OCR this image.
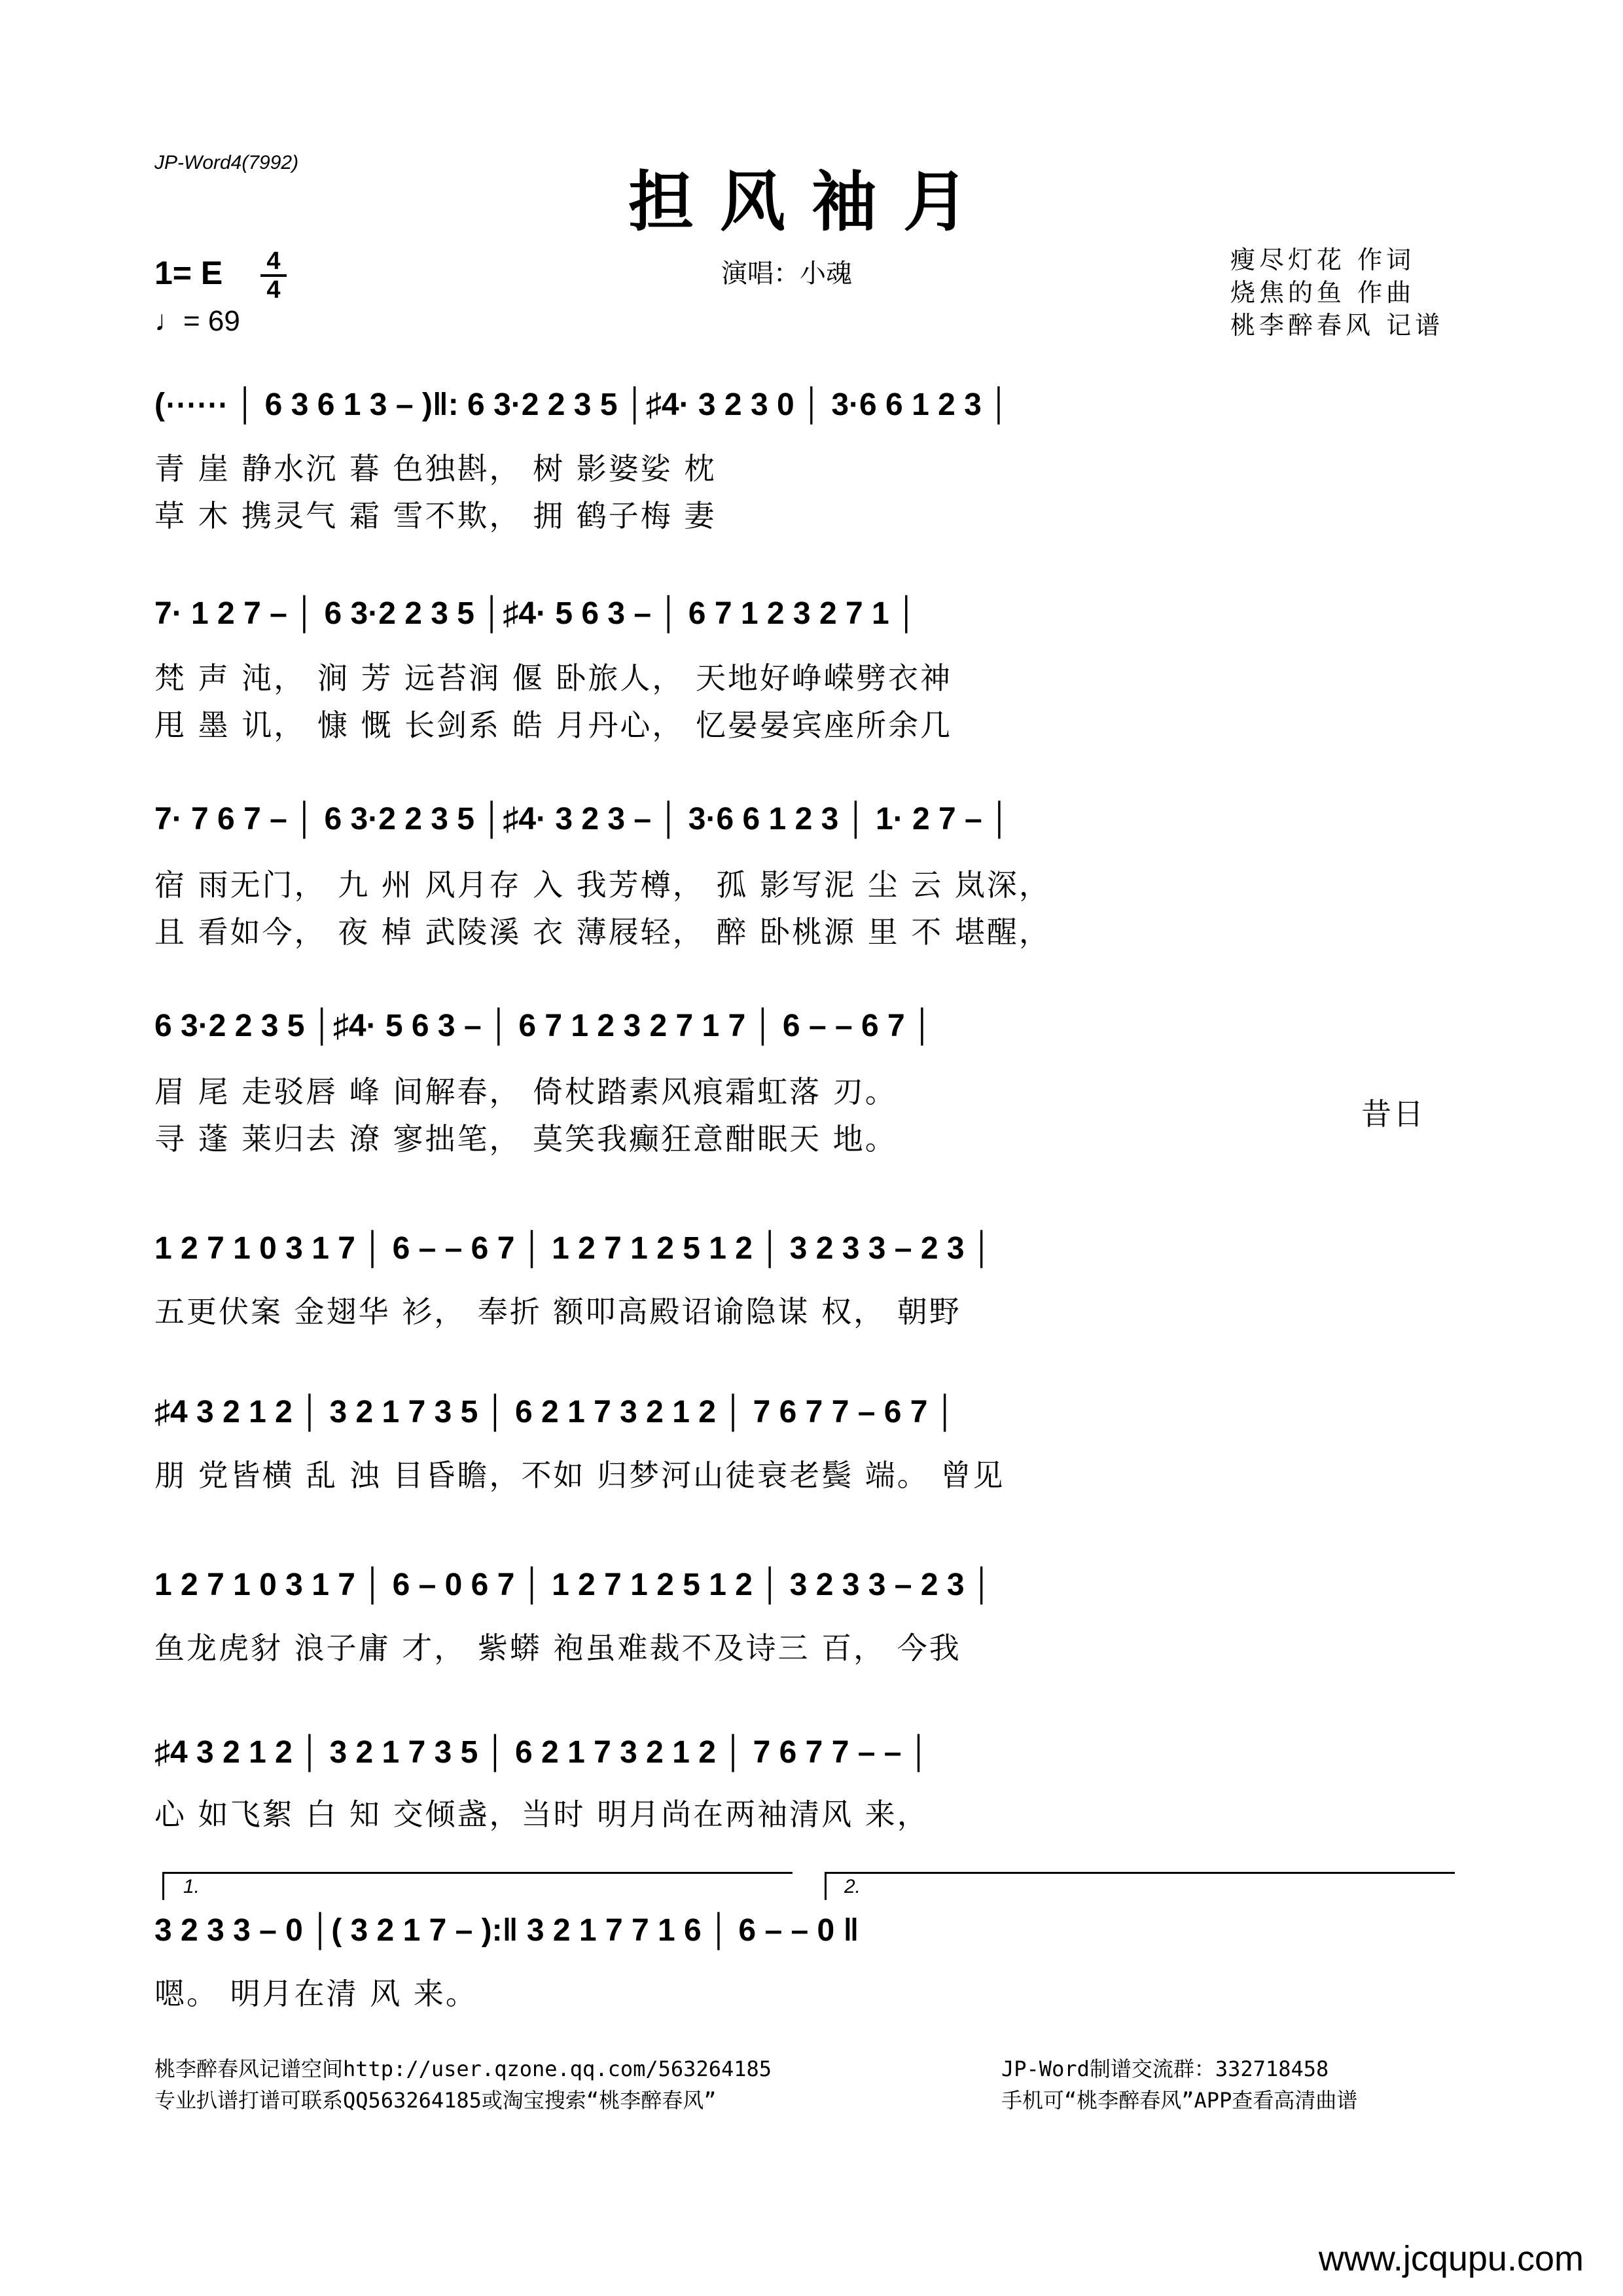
JP-Word4(7992)
担风袖月
1= E 4
4
♩= 69
演唱：小魂	瘦尽灯花 作词
烧焦的鱼 作曲
桃李醉春风 记谱
(⋯⋯ │ 6 3 6 1 3 – )‖: 6 3·2 2 3 5 │♯4· 3 2 3 0 │ 3·6 6 1 2 3 │
青 崖 静水沉 暮 色独斟， 树 影婆娑 枕
草 木 携灵气 霜 雪不欺， 拥 鹤子梅 妻
7· 1 2 7 – │ 6 3·2 2 3 5 │♯4· 5 6 3 – │ 6 7 1 2 3 2 7 1 │
梵 声 沌， 涧 芳 远苔润 偃 卧旅人， 天地好峥嵘劈衣神
甩 墨 讥， 慷 慨 长剑系 皓 月丹心， 忆晏晏宾座所余几
7· 7 6 7 – │ 6 3·2 2 3 5 │♯4· 3 2 3 – │ 3·6 6 1 2 3 │ 1· 2 7 – │
宿 雨无门， 九 州 风月存 入 我芳樽， 孤 影写泥 尘 云 岚深，
且 看如今， 夜 棹 武陵溪 衣 薄屐轻， 醉 卧桃源 里 不 堪醒，
6 3·2 2 3 5 │♯4· 5 6 3 – │ 6 7 1 2 3 2 7 1 7 │ 6 – – 6 7 │
眉 尾 走驳唇 峰 间解春， 倚杖踏素风痕霜虹落 刃。
寻 蓬 莱归去 潦 寥拙笔， 莫笑我癫狂意酣眠天 地。
昔日
1 2 7 1 0 3 1 7 │ 6 – – 6 7 │ 1 2 7 1 2 5 1 2 │ 3 2 3 3 – 2 3 │
五更伏案 金翅华 衫， 奉折 额叩高殿诏谕隐谋 权， 朝野
♯4 3 2 1 2 │ 3 2 1 7 3 5 │ 6 2 1 7 3 2 1 2 │ 7 6 7 7 – 6 7 │
朋 党皆横 乱 浊 目昏瞻，不如 归梦河山徒衰老鬓 端。 曾见
1 2 7 1 0 3 1 7 │ 6 – 0 6 7 │ 1 2 7 1 2 5 1 2 │ 3 2 3 3 – 2 3 │
鱼龙虎豺 浪子庸 才， 紫蟒 袍虽难裁不及诗三 百， 今我
♯4 3 2 1 2 │ 3 2 1 7 3 5 │ 6 2 1 7 3 2 1 2 │ 7 6 7 7 – – │
心 如飞絮 白 知 交倾盏，当时 明月尚在两袖清风 来，
1.	2.
3 2 3 3 – 0 │( 3 2 1 7 – ):‖ 3 2 1 7 7 1 6 │ 6 – – 0 ‖
嗯。 明月在清 风 来。
桃李醉春风记谱空间http://user.qzone.qq.com/563264185
专业扒谱打谱可联系QQ563264185或淘宝搜索“桃李醉春风”
JP-Word制谱交流群：332718458
手机可“桃李醉春风”APP查看高清曲谱
www.jcqupu.com
